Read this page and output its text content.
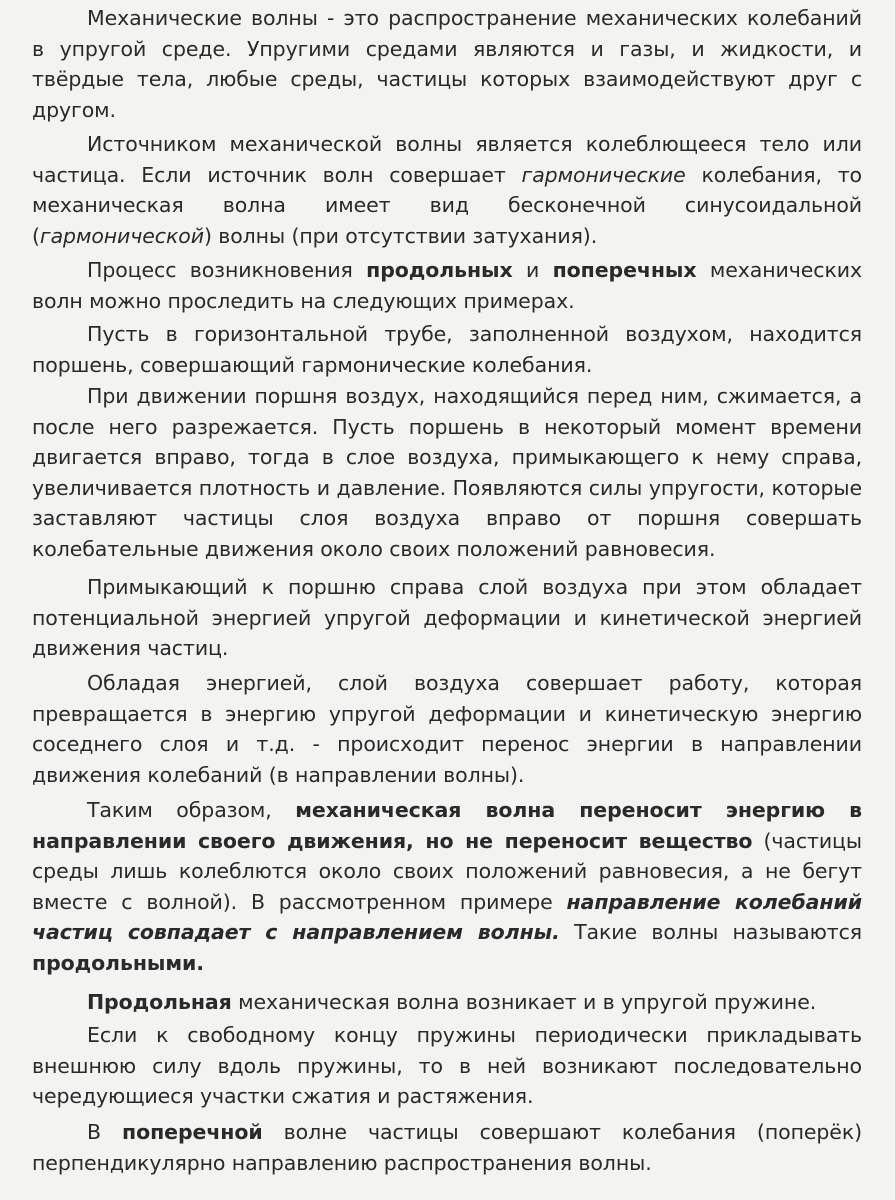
Механические волны - это распространение механических колебаний в упругой среде. Упругими средами являются и газы, и жидкости, и твёрдые тела, любые среды, частицы которых взаимодействуют друг с другом.

Источником механической волны является колеблющееся тело или частица. Если источник волн совершает гармонические колебания, то механическая волна имеет вид бесконечной синусоидальной (гармонической) волны (при отсутствии затухания).

Процесс возникновения продольных и поперечных механических волн можно проследить на следующих примерах.

Пусть в горизонтальной трубе, заполненной воздухом, находится поршень, совершающий гармонические колебания.

При движении поршня воздух, находящийся перед ним, сжимается, а после него разрежается. Пусть поршень в некоторый момент времени двигается вправо, тогда в слое воздуха, примыкающего к нему справа, увеличивается плотность и давление. Появляются силы упругости, которые заставляют частицы слоя воздуха вправо от поршня совершать колебательные движения около своих положений равновесия.

Примыкающий к поршню справа слой воздуха при этом обладает потенциальной энергией упругой деформации и кинетической энергией движения частиц.

Обладая энергией, слой воздуха совершает работу, которая превращается в энергию упругой деформации и кинетическую энергию соседнего слоя и т.д. - происходит перенос энергии в направлении движения колебаний (в направлении волны).

Таким образом, механическая волна переносит энергию в направлении своего движения, но не переносит вещество (частицы среды лишь колеблются около своих положений равновесия, а не бегут вместе с волной). В рассмотренном примере направление колебаний частиц совпадает с направлением волны. Такие волны называются продольными.

Продольная механическая волна возникает и в упругой пружине.

Если к свободному концу пружины периодически прикладывать внешнюю силу вдоль пружины, то в ней возникают последовательно чередующиеся участки сжатия и растяжения.

В поперечной волне частицы совершают колебания (поперёк) перпендикулярно направлению распространения волны.
